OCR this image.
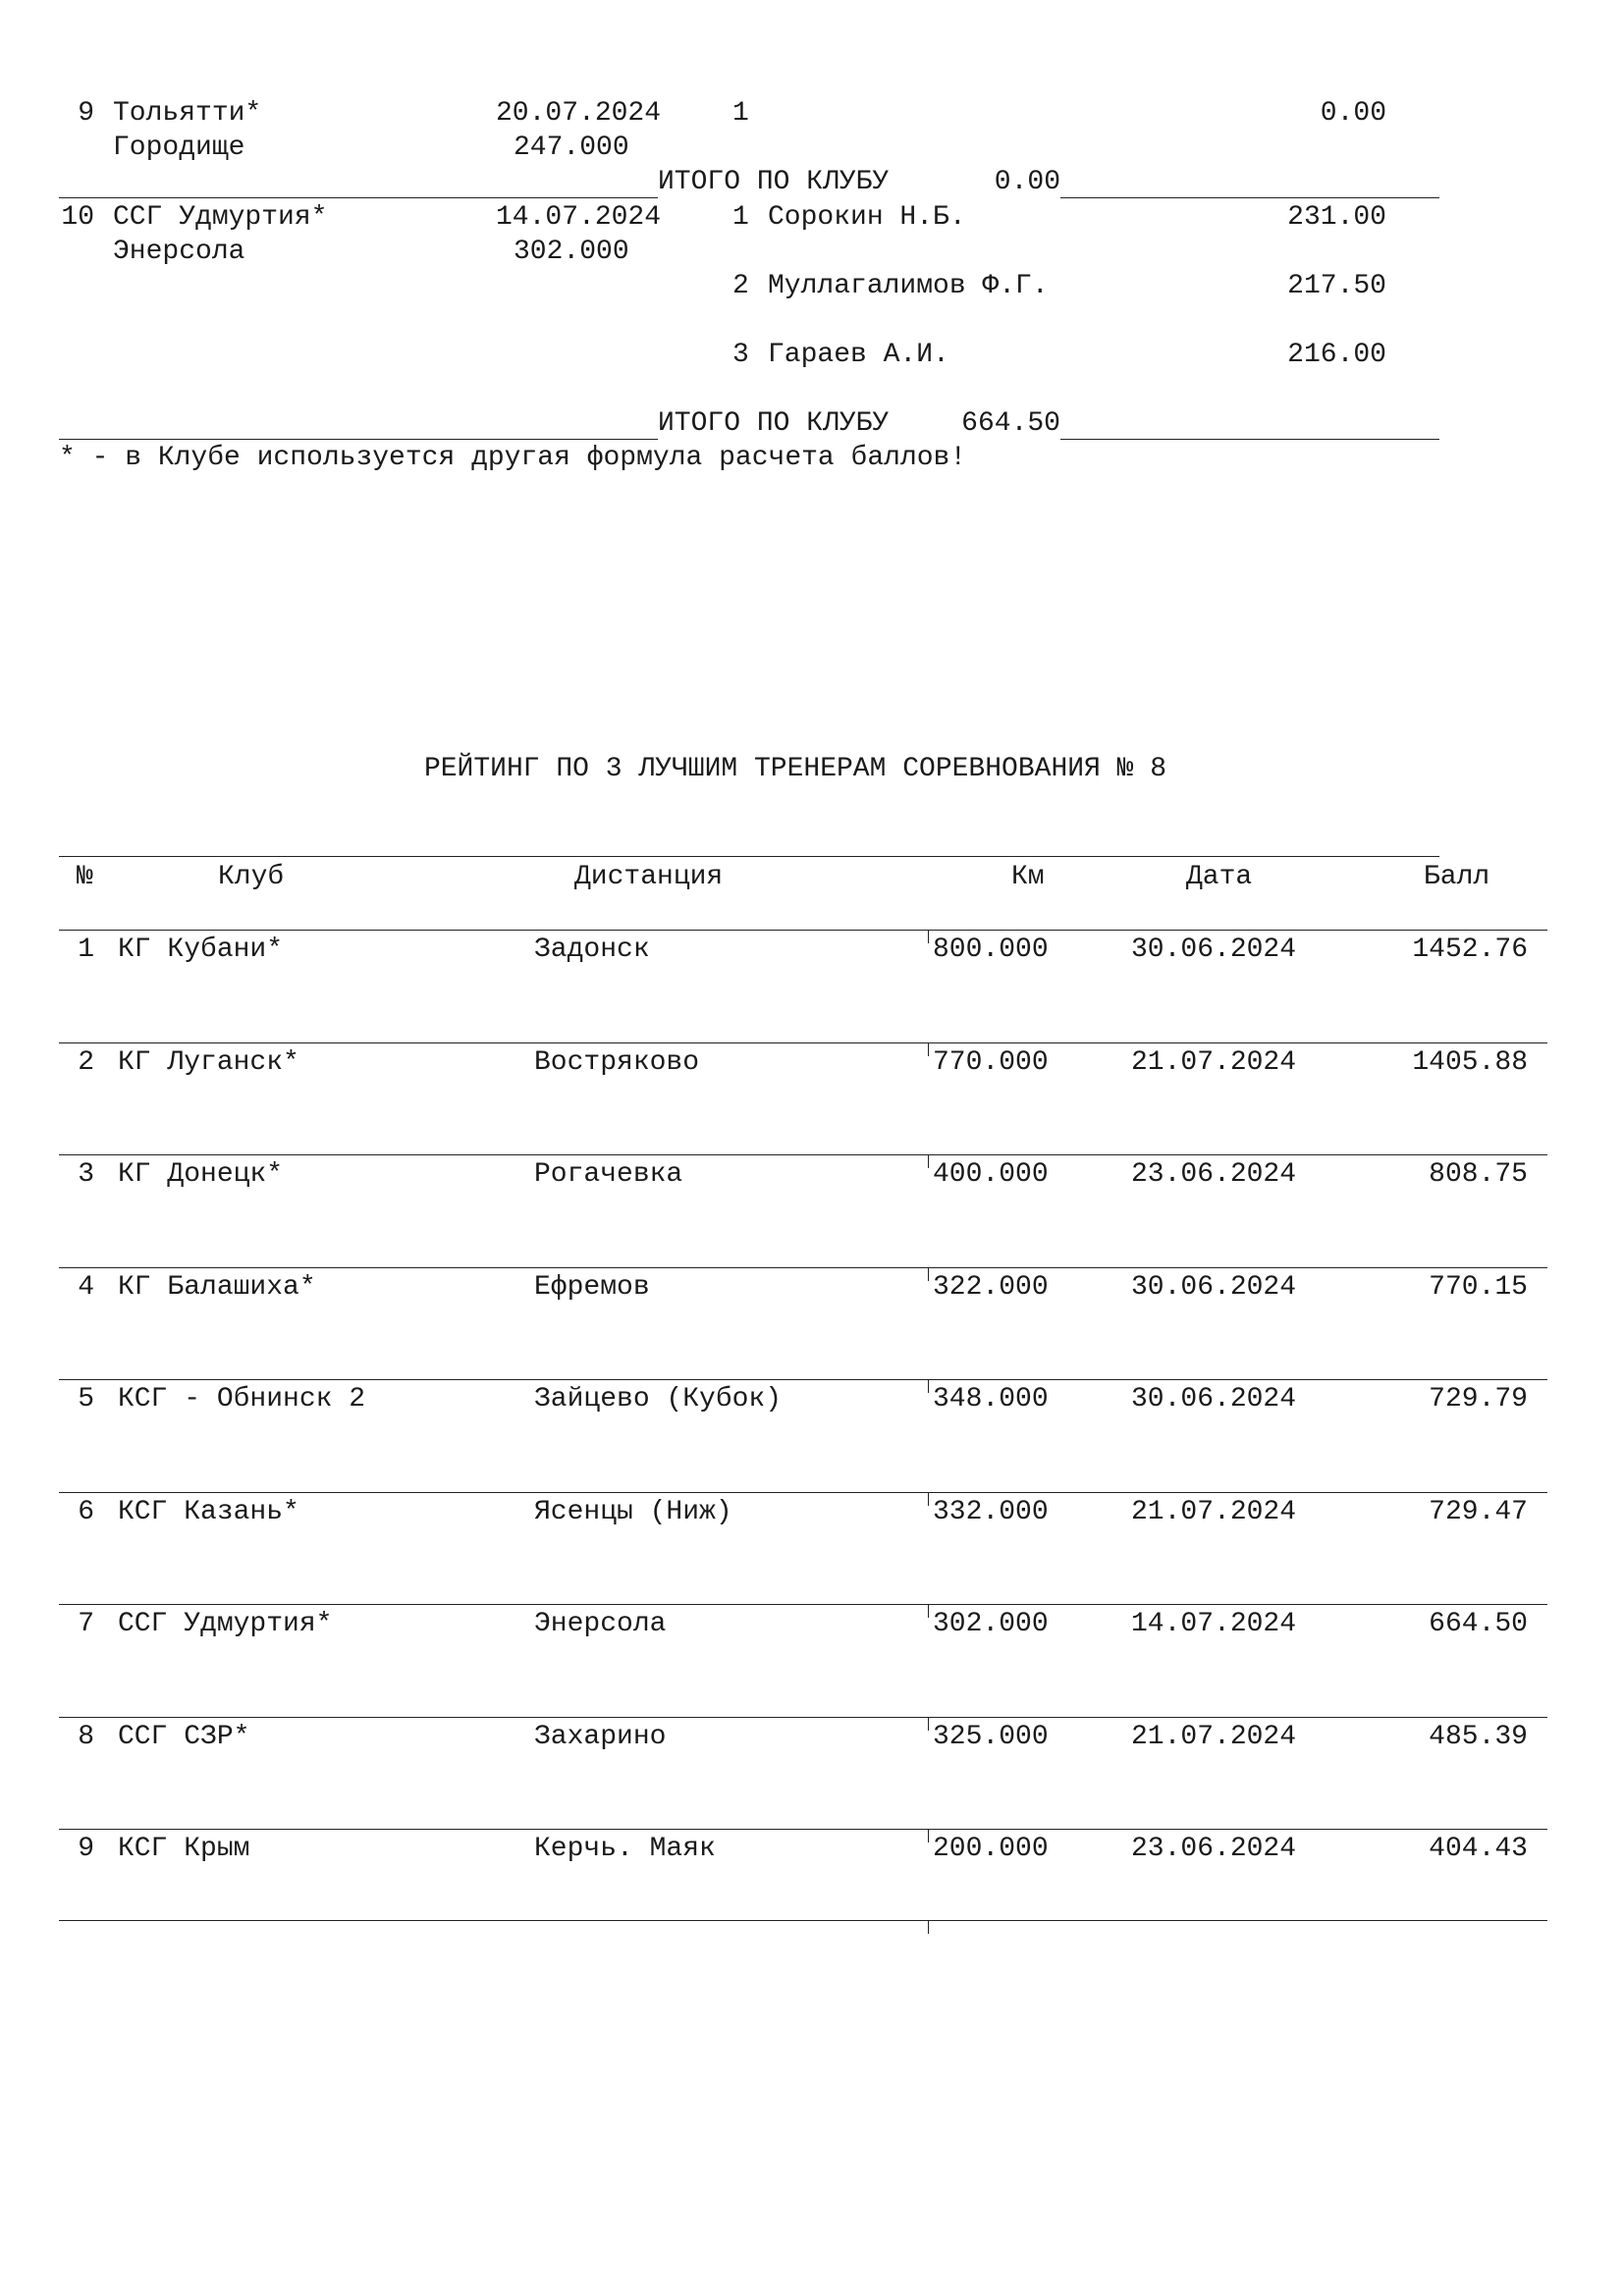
9 Тольятти*	20.07.2024	1	0.00
Городище	247.000
ИТОГО ПО КЛУБУ	0.00
10 ССГ Удмуртия*	14.07.2024	1 Сорокин Н.Б.	231.00
Энерсола	302.000
2 Муллагалимов Ф.Г.	217.50
3 Гараев А.И.	216.00
ИТОГО ПО КЛУБУ	664.50
* - в Клубе используется другая формула расчета баллов!
РЕЙТИНГ ПО 3 ЛУЧШИМ ТРЕНЕРАМ СОРЕВНОВАНИЯ № 8
№	Клуб	Дистанция	Км	Дата	Балл
1 КГ Кубани*	Задонск	800.000	30.06.2024	1452.76
2 КГ Луганск*	Востряково	770.000	21.07.2024	1405.88
3 КГ Донецк*	Рогачевка	400.000	23.06.2024	808.75
4 КГ Балашиха*	Ефремов	322.000	30.06.2024	770.15
5 КСГ - Обнинск 2	Зайцево (Кубок)	348.000	30.06.2024	729.79
6 КСГ Казань*	Ясенцы (Ниж)	332.000	21.07.2024	729.47
7 ССГ Удмуртия*	Энерсола	302.000	14.07.2024	664.50
8 ССГ СЗР*	Захарино	325.000	21.07.2024	485.39
9 КСГ Крым	Керчь. Маяк	200.000	23.06.2024	404.43
